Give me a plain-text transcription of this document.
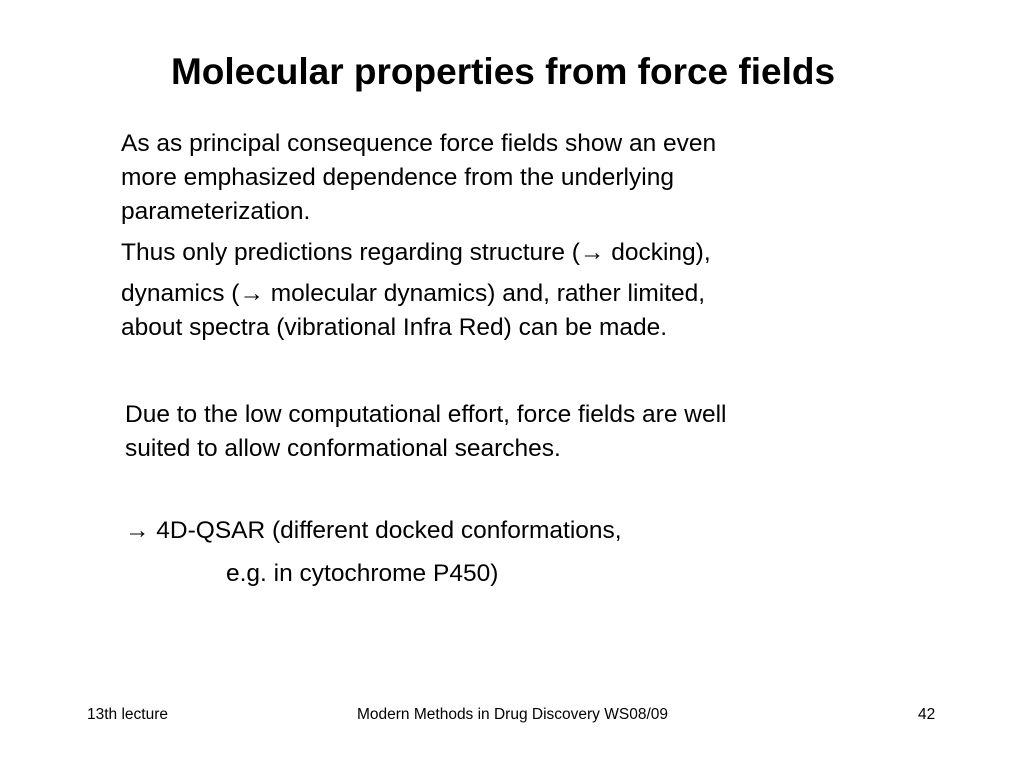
Molecular properties from force fields

As as principal consequence force fields show an even

more emphasized dependence from the underlying

parameterization.

Thus only predictions regarding structure (→ docking),

dynamics (→ molecular dynamics) and, rather limited,

about spectra (vibrational Infra Red) can be made.

Due to the low computational effort, force fields are well

suited to allow conformational searches.

→ 4D-QSAR (different docked conformations,

e.g. in cytochrome P450)

13th lecture	Modern Methods in Drug Discovery WS08/09	42
